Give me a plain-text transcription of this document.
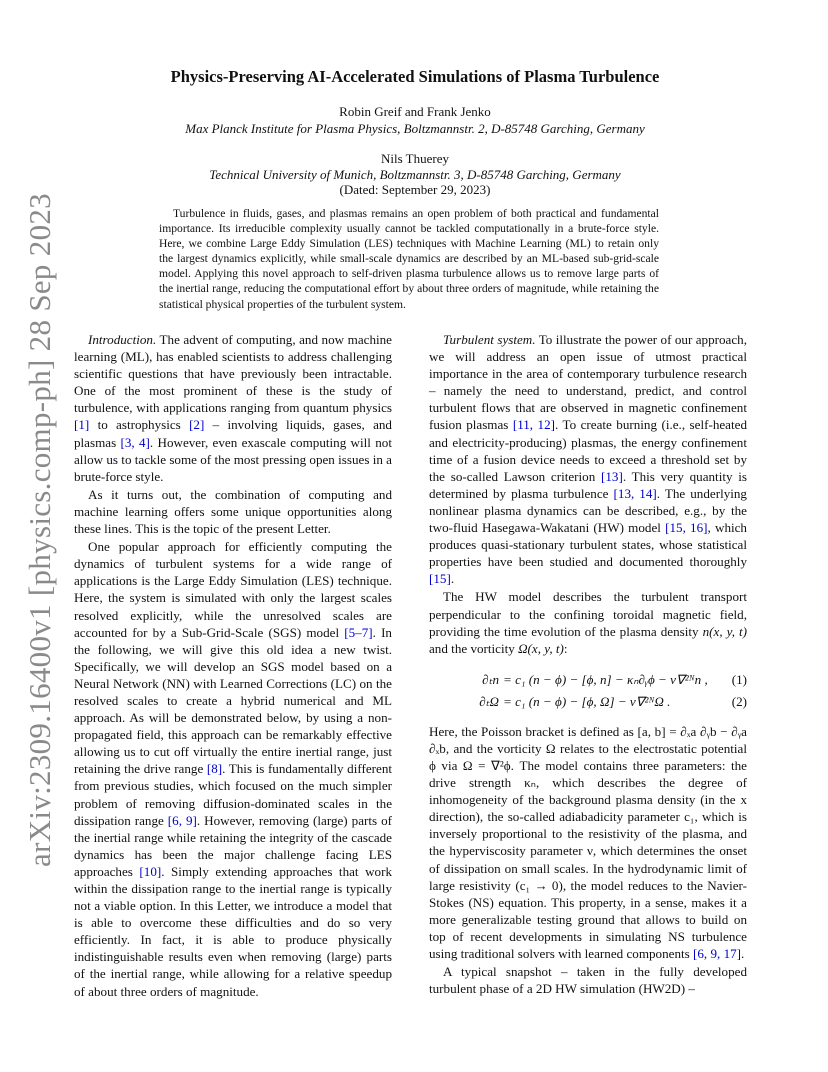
arXiv:2309.16400v1 [physics.comp-ph] 28 Sep 2023
Physics-Preserving AI-Accelerated Simulations of Plasma Turbulence
Robin Greif and Frank Jenko
Max Planck Institute for Plasma Physics, Boltzmannstr. 2, D-85748 Garching, Germany
Nils Thuerey
Technical University of Munich, Boltzmannstr. 3, D-85748 Garching, Germany
(Dated: September 29, 2023)

Turbulence in fluids, gases, and plasmas remains an open problem of both practical and fundamental importance. Its irreducible complexity usually cannot be tackled computationally in a brute-force style. Here, we combine Large Eddy Simulation (LES) techniques with Machine Learning (ML) to retain only the largest dynamics explicitly, while small-scale dynamics are described by an ML-based sub-grid-scale model. Applying this novel approach to self-driven plasma turbulence allows us to remove large parts of the inertial range, reducing the computational effort by about three orders of magnitude, while retaining the statistical physical properties of the turbulent system.

Introduction. The advent of computing, and now machine learning (ML), has enabled scientists to address challenging scientific questions that have previously been intractable. One of the most prominent of these is the study of turbulence, with applications ranging from quantum physics [1] to astrophysics [2] – involving liquids, gases, and plasmas [3, 4]. However, even exascale computing will not allow us to tackle some of the most pressing open issues in a brute-force style.

As it turns out, the combination of computing and machine learning offers some unique opportunities along these lines. This is the topic of the present Letter.

One popular approach for efficiently computing the dynamics of turbulent systems for a wide range of applications is the Large Eddy Simulation (LES) technique. Here, the system is simulated with only the largest scales resolved explicitly, while the unresolved scales are accounted for by a Sub-Grid-Scale (SGS) model [5–7]. In the following, we will give this old idea a new twist. Specifically, we will develop an SGS model based on a Neural Network (NN) with Learned Corrections (LC) on the resolved scales to create a hybrid numerical and ML approach. As will be demonstrated below, by using a non-propagated field, this approach can be remarkably effective allowing us to cut off virtually the entire inertial range, just retaining the drive range [8]. This is fundamentally different from previous studies, which focused on the much simpler problem of removing diffusion-dominated scales in the dissipation range [6, 9]. However, removing (large) parts of the inertial range while retaining the integrity of the cascade dynamics has been the major challenge facing LES approaches [10]. Simply extending approaches that work within the dissipation range to the inertial range is typically not a viable option. In this Letter, we introduce a model that is able to overcome these difficulties and do so very efficiently. In fact, it is able to produce physically indistinguishable results even when removing (large) parts of the inertial range, while allowing for a relative speedup of about three orders of magnitude.

Turbulent system. To illustrate the power of our approach, we will address an open issue of utmost practical importance in the area of contemporary turbulence research – namely the need to understand, predict, and control turbulent flows that are observed in magnetic confinement fusion plasmas [11, 12]. To create burning (i.e., self-heated and electricity-producing) plasmas, the energy confinement time of a fusion device needs to exceed a threshold set by the so-called Lawson criterion [13]. This very quantity is determined by plasma turbulence [13, 14]. The underlying nonlinear plasma dynamics can be described, e.g., by the two-fluid Hasegawa-Wakatani (HW) model [15, 16], which produces quasi-stationary turbulent states, whose statistical properties have been studied and documented thoroughly [15].

The HW model describes the turbulent transport perpendicular to the confining toroidal magnetic field, providing the time evolution of the plasma density n(x, y, t) and the vorticity Ω(x, y, t):

∂ₜn = c₁ (n − ϕ) − [ϕ, n] − κₙ∂ᵧϕ − ν∇²ᴺn ,	(1)
∂ₜΩ = c₁ (n − ϕ) − [ϕ, Ω] − ν∇²ᴺΩ .	(2)

Here, the Poisson bracket is defined as [a, b] = ∂ₓa ∂ᵧb − ∂ᵧa ∂ₓb, and the vorticity Ω relates to the electrostatic potential ϕ via Ω = ∇²ϕ. The model contains three parameters: the drive strength κₙ, which describes the degree of inhomogeneity of the background plasma density (in the x direction), the so-called adiabadicity parameter c₁, which is inversely proportional to the resistivity of the plasma, and the hyperviscosity parameter ν, which determines the onset of dissipation on small scales. In the hydrodynamic limit of large resistivity (c₁ → 0), the model reduces to the Navier-Stokes (NS) equation. This property, in a sense, makes it a more generalizable testing ground that allows to build on top of recent developments in simulating NS turbulence using traditional solvers with learned components [6, 9, 17].

A typical snapshot – taken in the fully developed turbulent phase of a 2D HW simulation (HW2D) –
